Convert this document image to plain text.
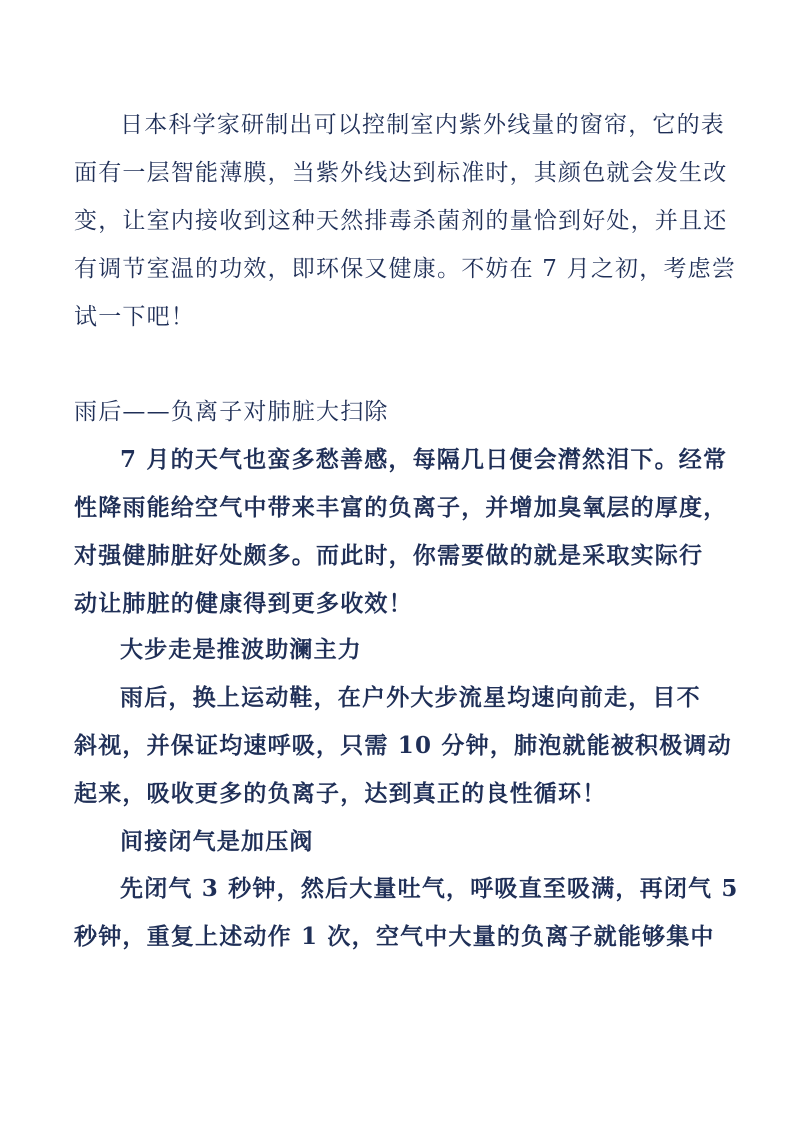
日本科学家研制出可以控制室内紫外线量的窗帘，它的表
面有一层智能薄膜，当紫外线达到标准时，其颜色就会发生改
变，让室内接收到这种天然排毒杀菌剂的量恰到好处，并且还
有调节室温的功效，即环保又健康。不妨在 7 月之初，考虑尝
试一下吧！
雨后——负离子对肺脏大扫除
7 月的天气也蛮多愁善感，每隔几日便会潸然泪下。经常
性降雨能给空气中带来丰富的负离子，并增加臭氧层的厚度，
对强健肺脏好处颇多。而此时，你需要做的就是采取实际行
动让肺脏的健康得到更多收效！
大步走是推波助澜主力
雨后，换上运动鞋，在户外大步流星均速向前走，目不
斜视，并保证均速呼吸，只需 10 分钟，肺泡就能被积极调动
起来，吸收更多的负离子，达到真正的良性循环！
间接闭气是加压阀
先闭气 3 秒钟，然后大量吐气，呼吸直至吸满，再闭气 5
秒钟，重复上述动作 1 次，空气中大量的负离子就能够集中
